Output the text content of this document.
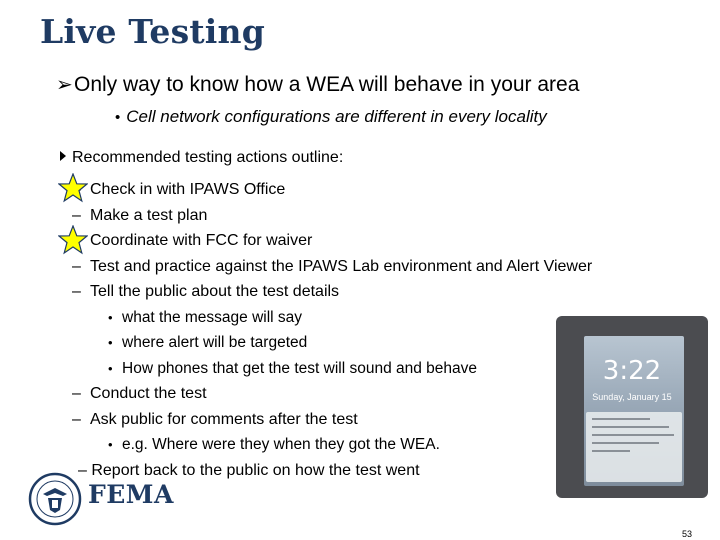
Live Testing
➢Only way to know how a WEA will behave in your area
• Cell network configurations are different in every locality
Recommended testing actions outline:
Check in with IPAWS Office
– Make a test plan
Coordinate with FCC for waiver
– Test and practice against the IPAWS Lab environment and Alert Viewer
– Tell the public about the test details
• what the message will say
• where alert will be targeted
• How phones that get the test will sound and behave
– Conduct the test
– Ask public for comments after the test
• e.g. Where were they when they got the WEA.
– Report back to the public on how the test went
3:22
Sunday, January 15
FEMA
53
